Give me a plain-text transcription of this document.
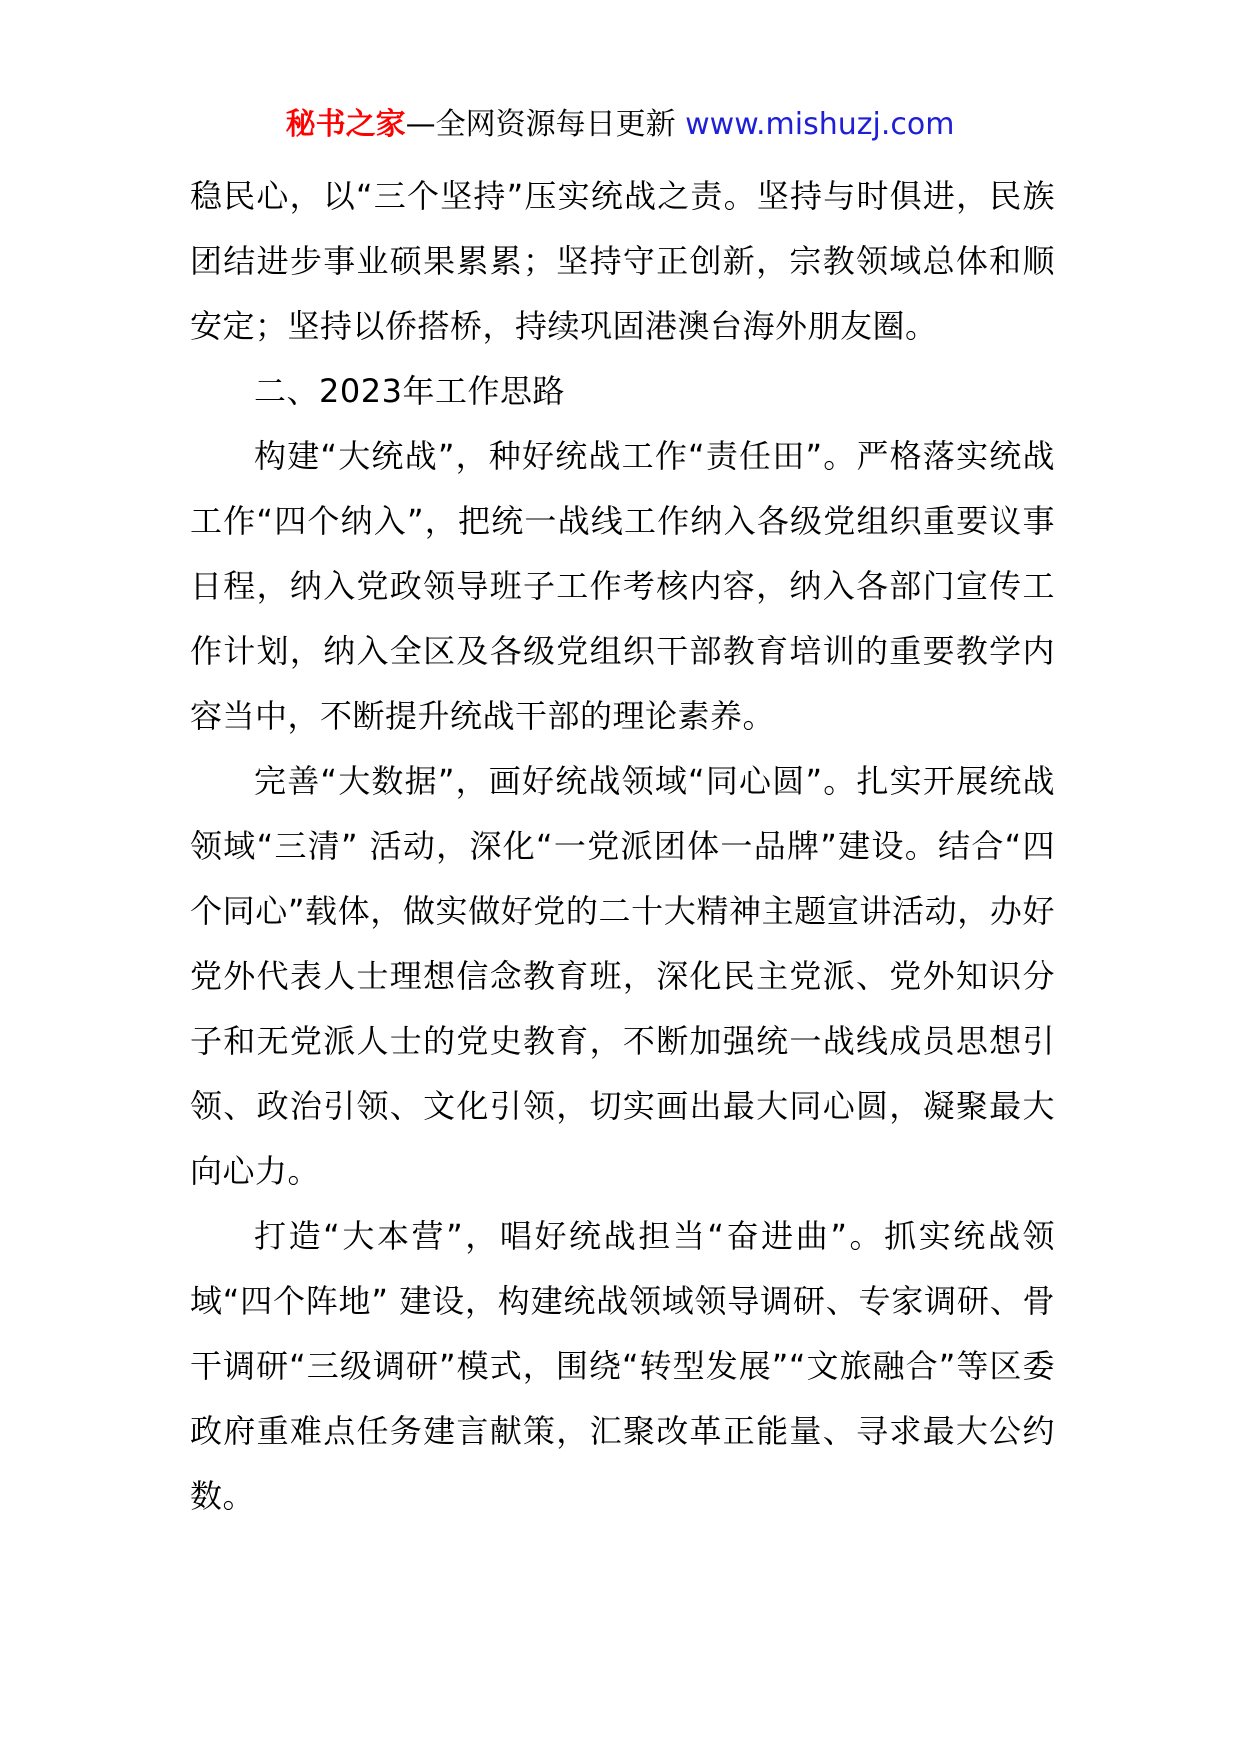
秘书之家—全网资源每日更新 www.mishuzj.com

稳民心，以“三个坚持”压实统战之责。坚持与时俱进，民族团结进步事业硕果累累；坚持守正创新，宗教领域总体和顺安定；坚持以侨搭桥，持续巩固港澳台海外朋友圈。

二、2023年工作思路

构建“大统战”，种好统战工作“责任田”。严格落实统战工作“四个纳入”，把统一战线工作纳入各级党组织重要议事日程，纳入党政领导班子工作考核内容，纳入各部门宣传工作计划，纳入全区及各级党组织干部教育培训的重要教学内容当中，不断提升统战干部的理论素养。

完善“大数据”，画好统战领域“同心圆”。扎实开展统战领域“三清” 活动，深化“一党派团体一品牌”建设。结合“四个同心”载体，做实做好党的二十大精神主题宣讲活动，办好党外代表人士理想信念教育班，深化民主党派、党外知识分子和无党派人士的党史教育，不断加强统一战线成员思想引领、政治引领、文化引领，切实画出最大同心圆，凝聚最大向心力。

打造“大本营”，唱好统战担当“奋进曲”。抓实统战领域“四个阵地” 建设，构建统战领域领导调研、专家调研、骨干调研“三级调研”模式，围绕“转型发展”“文旅融合”等区委政府重难点任务建言献策，汇聚改革正能量、寻求最大公约数。
